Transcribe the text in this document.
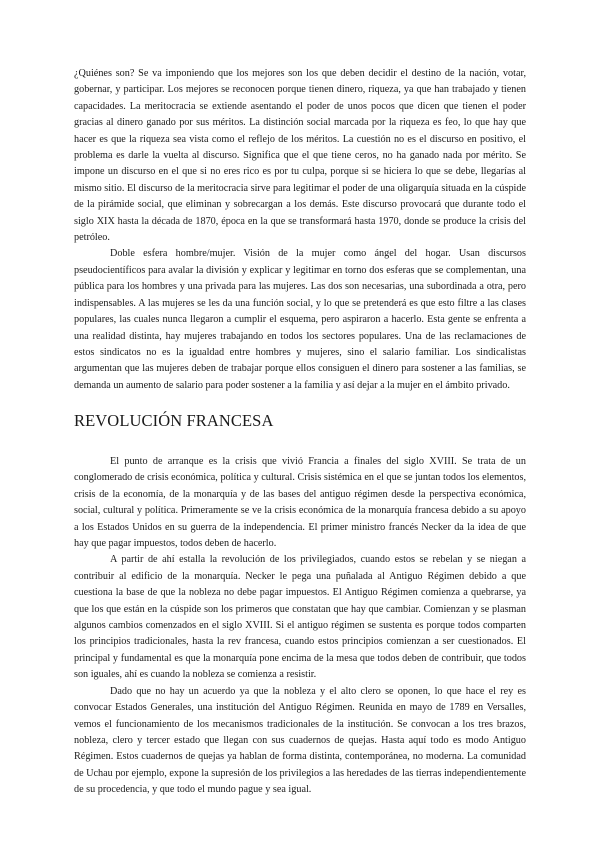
¿Quiénes son? Se va imponiendo que los mejores son los que deben decidir el destino de la nación, votar, gobernar, y participar. Los mejores se reconocen porque tienen dinero, riqueza, ya que han trabajado y tienen capacidades. La meritocracia se extiende asentando el poder de unos pocos que dicen que tienen el poder gracias al dinero ganado por sus méritos. La distinción social marcada por la riqueza es feo, lo que hay que hacer es que la riqueza sea vista como el reflejo de los méritos. La cuestión no es el discurso en positivo, el problema es darle la vuelta al discurso. Significa que el que tiene ceros, no ha ganado nada por mérito. Se impone un discurso en el que si no eres rico es por tu culpa, porque si se hiciera lo que se debe, llegarías al mismo sitio. El discurso de la meritocracia sirve para legitimar el poder de una oligarquía situada en la cúspide de la pirámide social, que eliminan y sobrecargan a los demás. Este discurso provocará que durante todo el siglo XIX hasta la década de 1870, época en la que se transformará hasta 1970, donde se produce la crisis del petróleo.

Doble esfera hombre/mujer. Visión de la mujer como ángel del hogar. Usan discursos pseudocientíficos para avalar la división y explicar y legitimar en torno dos esferas que se complementan, una pública para los hombres y una privada para las mujeres. Las dos son necesarias, una subordinada a otra, pero indispensables. A las mujeres se les da una función social, y lo que se pretenderá es que esto filtre a las clases populares, las cuales nunca llegaron a cumplir el esquema, pero aspiraron a hacerlo. Esta gente se enfrenta a una realidad distinta, hay mujeres trabajando en todos los sectores populares. Una de las reclamaciones de estos sindicatos no es la igualdad entre hombres y mujeres, sino el salario familiar. Los sindicalistas argumentan que las mujeres deben de trabajar porque ellos consiguen el dinero para sostener a las familias, se demanda un aumento de salario para poder sostener a la familia y así dejar a la mujer en el ámbito privado.

REVOLUCIÓN FRANCESA

El punto de arranque es la crisis que vivió Francia a finales del siglo XVIII. Se trata de un conglomerado de crisis económica, política y cultural. Crisis sistémica en el que se juntan todos los elementos, crisis de la economía, de la monarquía y de las bases del antiguo régimen desde la perspectiva económica, social, cultural y política. Primeramente se ve la crisis económica de la monarquía francesa debido a su apoyo a los Estados Unidos en su guerra de la independencia. El primer ministro francés Necker da la idea de que hay que pagar impuestos, todos deben de hacerlo.

A partir de ahí estalla la revolución de los privilegiados, cuando estos se rebelan y se niegan a contribuir al edificio de la monarquía. Necker le pega una puñalada al Antiguo Régimen debido a que cuestiona la base de que la nobleza no debe pagar impuestos. El Antiguo Régimen comienza a quebrarse, ya que los que están en la cúspide son los primeros que constatan que hay que cambiar. Comienzan y se plasman algunos cambios comenzados en el siglo XVIII. Si el antiguo régimen se sustenta es porque todos comparten los principios tradicionales, hasta la rev francesa, cuando estos principios comienzan a ser cuestionados. El principal y fundamental es que la monarquía pone encima de la mesa que todos deben de contribuir, que todos son iguales, ahí es cuando la nobleza se comienza a resistir.

Dado que no hay un acuerdo ya que la nobleza y el alto clero se oponen, lo que hace el rey es convocar Estados Generales, una institución del Antiguo Régimen. Reunida en mayo de 1789 en Versalles, vemos el funcionamiento de los mecanismos tradicionales de la institución. Se convocan a los tres brazos, nobleza, clero y tercer estado que llegan con sus cuadernos de quejas. Hasta aquí todo es modo Antiguo Régimen. Estos cuadernos de quejas ya hablan de forma distinta, contemporánea, no moderna. La comunidad de Uchau por ejemplo, expone la supresión de los privilegios a las heredades de las tierras independientemente de su procedencia, y que todo el mundo pague y sea igual.
